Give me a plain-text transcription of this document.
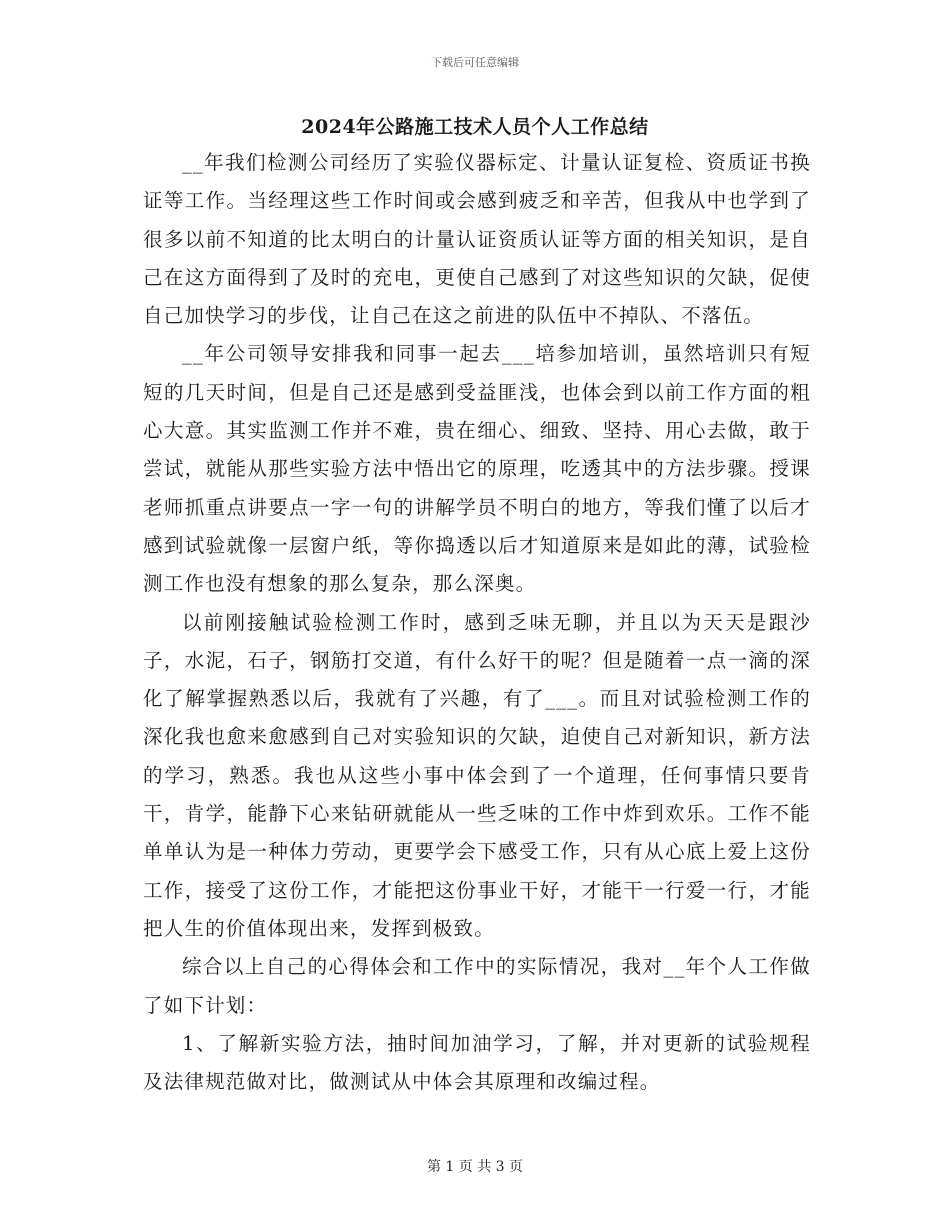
下载后可任意编辑
2024年公路施工技术人员个人工作总结

__年我们检测公司经历了实验仪器标定、计量认证复检、资质证书换证等工作。当经理这些工作时间或会感到疲乏和辛苦，但我从中也学到了很多以前不知道的比太明白的计量认证资质认证等方面的相关知识，是自己在这方面得到了及时的充电，更使自己感到了对这些知识的欠缺，促使自己加快学习的步伐，让自己在这之前进的队伍中不掉队、不落伍。

__年公司领导安排我和同事一起去___培参加培训，虽然培训只有短短的几天时间，但是自己还是感到受益匪浅，也体会到以前工作方面的粗心大意。其实监测工作并不难，贵在细心、细致、坚持、用心去做，敢于尝试，就能从那些实验方法中悟出它的原理，吃透其中的方法步骤。授课老师抓重点讲要点一字一句的讲解学员不明白的地方，等我们懂了以后才感到试验就像一层窗户纸，等你捣透以后才知道原来是如此的薄，试验检测工作也没有想象的那么复杂，那么深奥。

以前刚接触试验检测工作时，感到乏味无聊，并且以为天天是跟沙子，水泥，石子，钢筋打交道，有什么好干的呢？但是随着一点一滴的深化了解掌握熟悉以后，我就有了兴趣，有了___。而且对试验检测工作的深化我也愈来愈感到自己对实验知识的欠缺，迫使自己对新知识，新方法的学习，熟悉。我也从这些小事中体会到了一个道理，任何事情只要肯干，肯学，能静下心来钻研就能从一些乏味的工作中炸到欢乐。工作不能单单认为是一种体力劳动，更要学会下感受工作，只有从心底上爱上这份工作，接受了这份工作，才能把这份事业干好，才能干一行爱一行，才能把人生的价值体现出来，发挥到极致。

综合以上自己的心得体会和工作中的实际情况，我对__年个人工作做了如下计划：

1、了解新实验方法，抽时间加油学习，了解，并对更新的试验规程及法律规范做对比，做测试从中体会其原理和改编过程。

第 1 页 共 3 页
